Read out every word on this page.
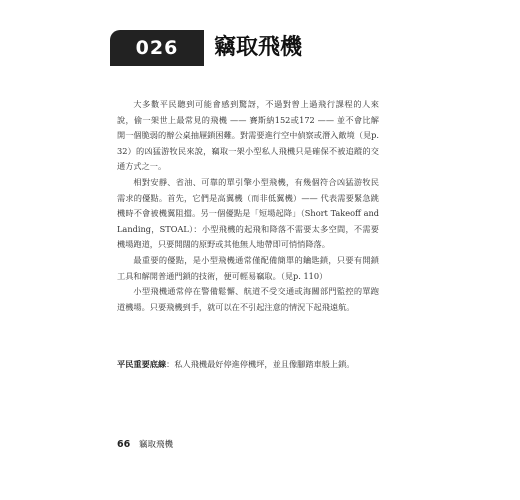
026	竊取飛機

大多數平民聽到可能會感到驚訝，不過對曾上過飛行課程的人來說，偷一架世上最常見的飛機 —— 賽斯納152或172 —— 並不會比解開一個脆弱的辦公桌抽屜鎖困難。對需要進行空中偵察或潛入敵境（見p. 32）的凶猛游牧民來說，竊取一架小型私人飛機只是確保不被追蹤的交通方式之一。

相對安靜、省油、可靠的單引擎小型飛機，有幾個符合凶猛游牧民需求的優點。首先，它們是高翼機（而非低翼機）—— 代表需要緊急跳機時不會被機翼阻擋。另一個優點是「短場起降」（Short Takeoff and Landing，STOAL）：小型飛機的起飛和降落不需要太多空間，不需要機場跑道，只要開闊的原野或其他無人地帶即可悄悄降落。

最重要的優點，是小型飛機通常僅配備簡單的鑰匙鎖，只要有開鎖工具和解開普通門鎖的技術，便可輕易竊取。（見p. 110）

小型飛機通常停在警備鬆懈、航道不受交通或海關部門監控的單跑道機場。只要飛機到手，就可以在不引起注意的情況下起飛遠航。

平民重要底線：私人飛機最好停進停機坪，並且像腳踏車般上鎖。
66 竊取飛機
